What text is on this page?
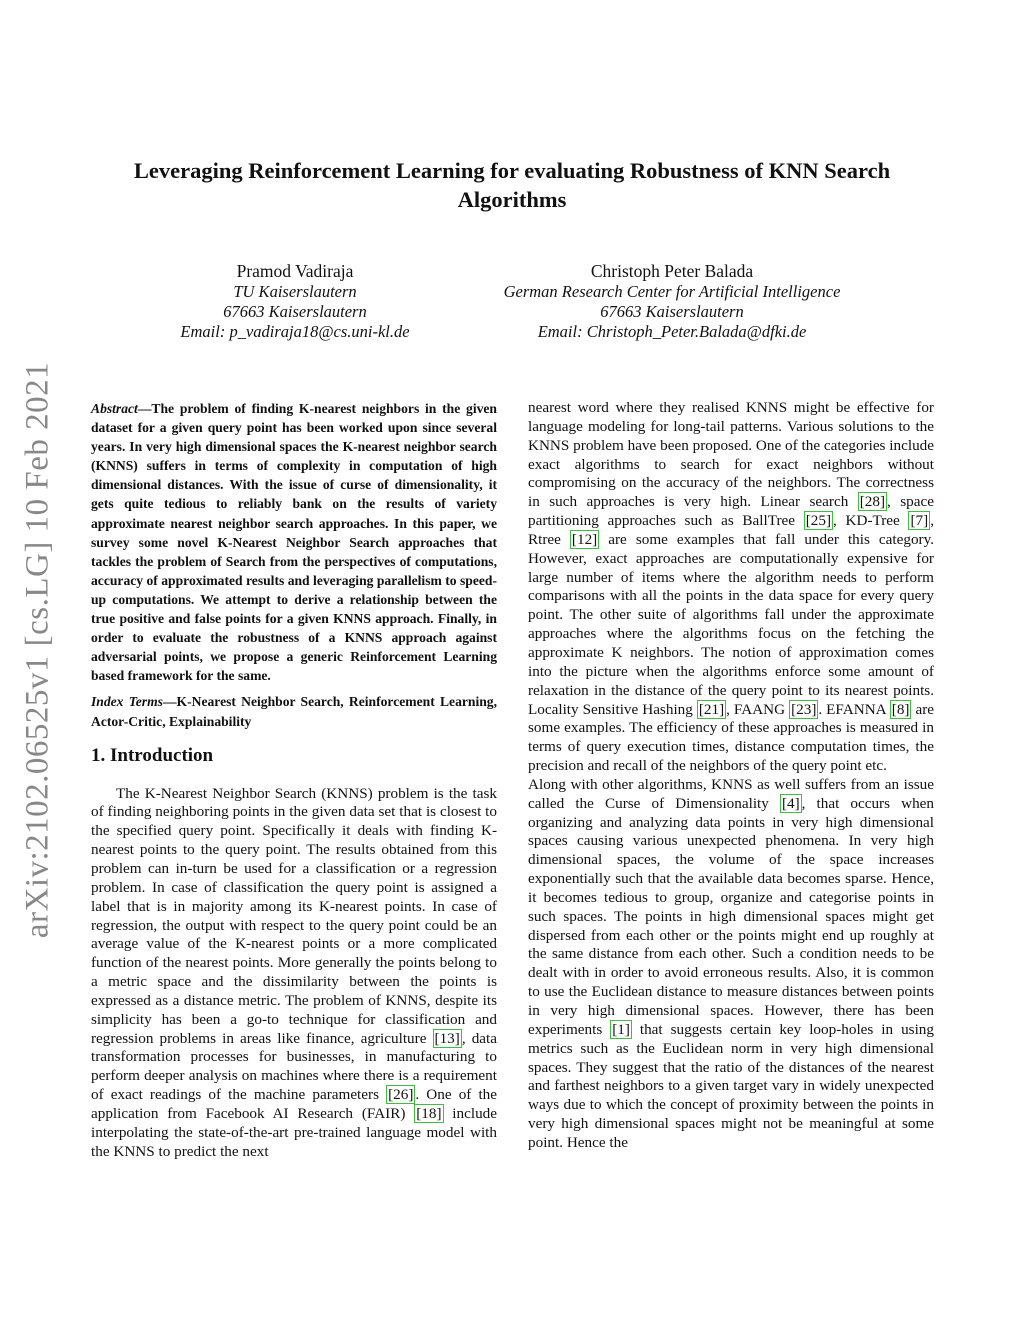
arXiv:2102.06525v1 [cs.LG] 10 Feb 2021
Leveraging Reinforcement Learning for evaluating Robustness of KNN Search Algorithms
Pramod Vadiraja
TU Kaiserslautern
67663 Kaiserslautern
Email: p_vadiraja18@cs.uni-kl.de
Christoph Peter Balada
German Research Center for Artificial Intelligence
67663 Kaiserslautern
Email: Christoph_Peter.Balada@dfki.de

Abstract—The problem of finding K-nearest neighbors in the given dataset for a given query point has been worked upon since several years. In very high dimensional spaces the K-nearest neighbor search (KNNS) suffers in terms of complexity in computation of high dimensional distances. With the issue of curse of dimensionality, it gets quite tedious to reliably bank on the results of variety approximate nearest neighbor search approaches. In this paper, we survey some novel K-Nearest Neighbor Search approaches that tackles the problem of Search from the perspectives of computations, accuracy of approximated results and leveraging parallelism to speed-up computations. We attempt to derive a relationship between the true positive and false points for a given KNNS approach. Finally, in order to evaluate the robustness of a KNNS approach against adversarial points, we propose a generic Reinforcement Learning based framework for the same.

Index Terms—K-Nearest Neighbor Search, Reinforcement Learning, Actor-Critic, Explainability

1. Introduction

The K-Nearest Neighbor Search (KNNS) problem is the task of finding neighboring points in the given data set that is closest to the specified query point. Specifically it deals with finding K-nearest points to the query point. The results obtained from this problem can in-turn be used for a classification or a regression problem. In case of classification the query point is assigned a label that is in majority among its K-nearest points. In case of regression, the output with respect to the query point could be an average value of the K-nearest points or a more complicated function of the nearest points. More generally the points belong to a metric space and the dissimilarity between the points is expressed as a distance metric. The problem of KNNS, despite its simplicity has been a go-to technique for classification and regression problems in areas like finance, agriculture [13] , data transformation processes for businesses, in manufacturing to perform deeper analysis on machines where there is a requirement of exact readings of the machine parameters [26] . One of the application from Facebook AI Research (FAIR) [18] include interpolating the state-of-the-art pre-trained language model with the KNNS to predict the next

nearest word where they realised KNNS might be effective for language modeling for long-tail patterns. Various solutions to the KNNS problem have been proposed. One of the categories include exact algorithms to search for exact neighbors without compromising on the accuracy of the neighbors. The correctness in such approaches is very high. Linear search [28] , space partitioning approaches such as BallTree [25] , KD-Tree [7] , Rtree [12] are some examples that fall under this category. However, exact approaches are computationally expensive for large number of items where the algorithm needs to perform comparisons with all the points in the data space for every query point. The other suite of algorithms fall under the approximate approaches where the algorithms focus on the fetching the approximate K neighbors. The notion of approximation comes into the picture when the algorithms enforce some amount of relaxation in the distance of the query point to its nearest points. Locality Sensitive Hashing [21] , FAANG [23] . EFANNA [8] are some examples. The efficiency of these approaches is measured in terms of query execution times, distance computation times, the precision and recall of the neighbors of the query point etc.

Along with other algorithms, KNNS as well suffers from an issue called the Curse of Dimensionality [4] , that occurs when organizing and analyzing data points in very high dimensional spaces causing various unexpected phenomena. In very high dimensional spaces, the volume of the space increases exponentially such that the available data becomes sparse. Hence, it becomes tedious to group, organize and categorise points in such spaces. The points in high dimensional spaces might get dispersed from each other or the points might end up roughly at the same distance from each other. Such a condition needs to be dealt with in order to avoid erroneous results. Also, it is common to use the Euclidean distance to measure distances between points in very high dimensional spaces. However, there has been experiments [1] that suggests certain key loop-holes in using metrics such as the Euclidean norm in very high dimensional spaces. They suggest that the ratio of the distances of the nearest and farthest neighbors to a given target vary in widely unexpected ways due to which the concept of proximity between the points in very high dimensional spaces might not be meaningful at some point. Hence the
